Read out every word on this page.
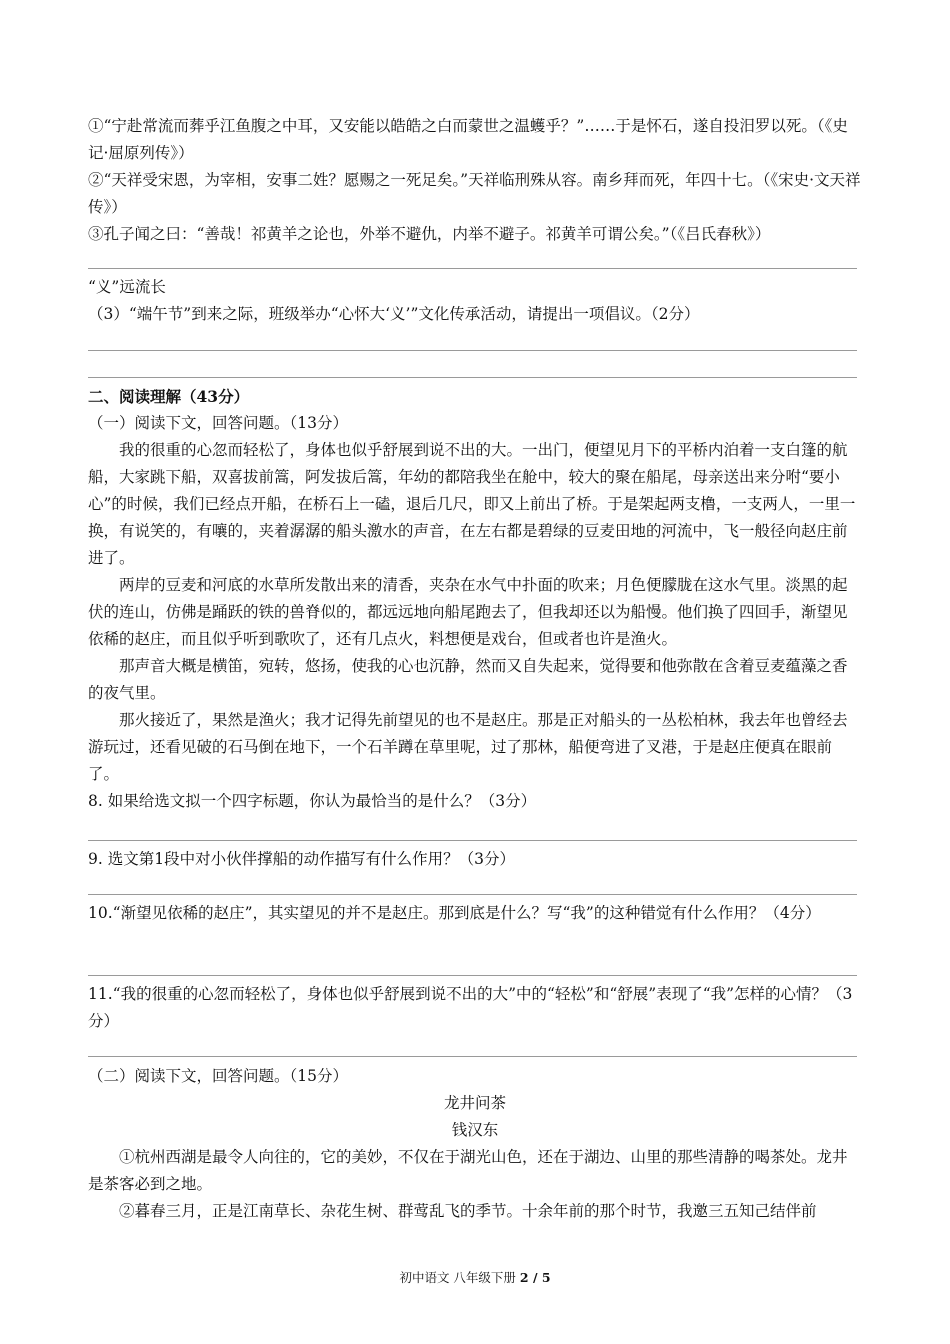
①“宁赴常流而葬乎江鱼腹之中耳，又安能以皓皓之白而蒙世之温蠖乎？”……于是怀石，遂自投汨罗以死。（《史记·屈原列传》）

②“天祥受宋恩，为宰相，安事二姓？愿赐之一死足矣。”天祥临刑殊从容。南乡拜而死，年四十七。（《宋史·文天祥传》）

③孔子闻之曰：“善哉！祁黄羊之论也，外举不避仇，内举不避子。祁黄羊可谓公矣。”（《吕氏春秋》）

“义”远流长

（3）“端午节”到来之际，班级举办“心怀大‘义’”文化传承活动，请提出一项倡议。（2分）

二、阅读理解（43分）

（一）阅读下文，回答问题。（13分）

我的很重的心忽而轻松了，身体也似乎舒展到说不出的大。一出门，便望见月下的平桥内泊着一支白篷的航船，大家跳下船，双喜拔前篙，阿发拔后篙，年幼的都陪我坐在舱中，较大的聚在船尾，母亲送出来分咐“要小心”的时候，我们已经点开船，在桥石上一磕，退后几尺，即又上前出了桥。于是架起两支橹，一支两人，一里一换，有说笑的，有嚷的，夹着潺潺的船头激水的声音，在左右都是碧绿的豆麦田地的河流中，飞一般径向赵庄前进了。

两岸的豆麦和河底的水草所发散出来的清香，夹杂在水气中扑面的吹来；月色便朦胧在这水气里。淡黑的起伏的连山，仿佛是踊跃的铁的兽脊似的，都远远地向船尾跑去了，但我却还以为船慢。他们换了四回手，渐望见依稀的赵庄，而且似乎听到歌吹了，还有几点火，料想便是戏台，但或者也许是渔火。

那声音大概是横笛，宛转，悠扬，使我的心也沉静，然而又自失起来，觉得要和他弥散在含着豆麦蕴藻之香的夜气里。

那火接近了，果然是渔火；我才记得先前望见的也不是赵庄。那是正对船头的一丛松柏林，我去年也曾经去游玩过，还看见破的石马倒在地下，一个石羊蹲在草里呢，过了那林，船便弯进了叉港，于是赵庄便真在眼前了。

8. 如果给选文拟一个四字标题，你认为最恰当的是什么？（3分）

9. 选文第1段中对小伙伴撑船的动作描写有什么作用？（3分）

10.“渐望见依稀的赵庄”，其实望见的并不是赵庄。那到底是什么？写“我”的这种错觉有什么作用？（4分）

11.“我的很重的心忽而轻松了，身体也似乎舒展到说不出的大”中的“轻松”和“舒展”表现了“我”怎样的心情？（3分）

（二）阅读下文，回答问题。（15分）

龙井问茶

钱汉东

①杭州西湖是最令人向往的，它的美妙，不仅在于湖光山色，还在于湖边、山里的那些清静的喝茶处。龙井是茶客必到之地。

②暮春三月，正是江南草长、杂花生树、群莺乱飞的季节。十余年前的那个时节，我邀三五知己结伴前

初中语文 八年级下册 2 / 5
